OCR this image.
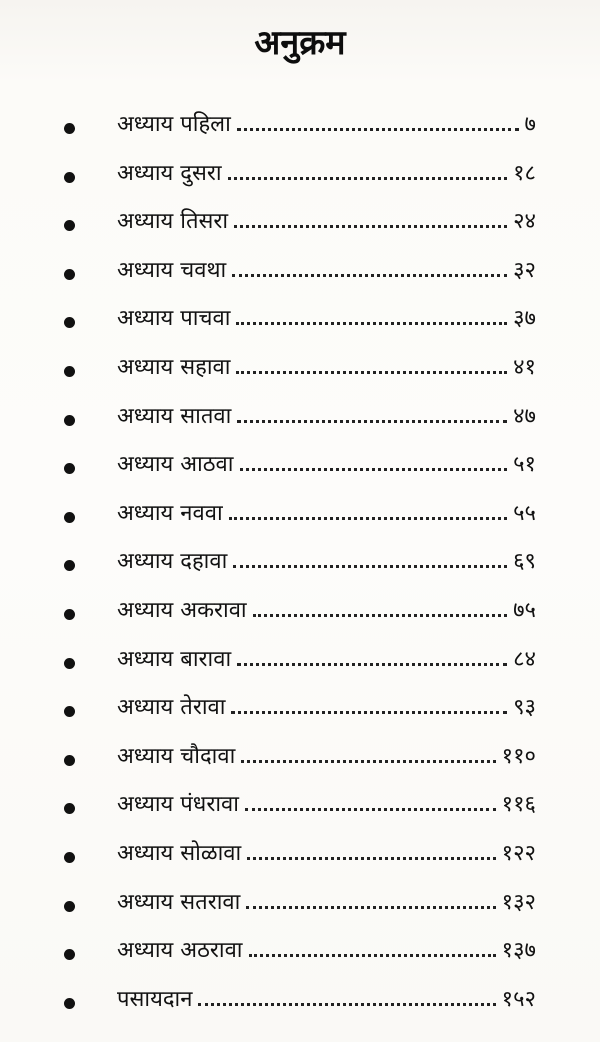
अनुक्रम
अध्याय पहिला	७
अध्याय दुसरा	१८
अध्याय तिसरा	२४
अध्याय चवथा	३२
अध्याय पाचवा	३७
अध्याय सहावा	४१
अध्याय सातवा	४७
अध्याय आठवा	५१
अध्याय नववा	५५
अध्याय दहावा	६९
अध्याय अकरावा	७५
अध्याय बारावा	८४
अध्याय तेरावा	९३
अध्याय चौदावा	११०
अध्याय पंधरावा	११६
अध्याय सोळावा	१२२
अध्याय सतरावा	१३२
अध्याय अठरावा	१३७
पसायदान	१५२
